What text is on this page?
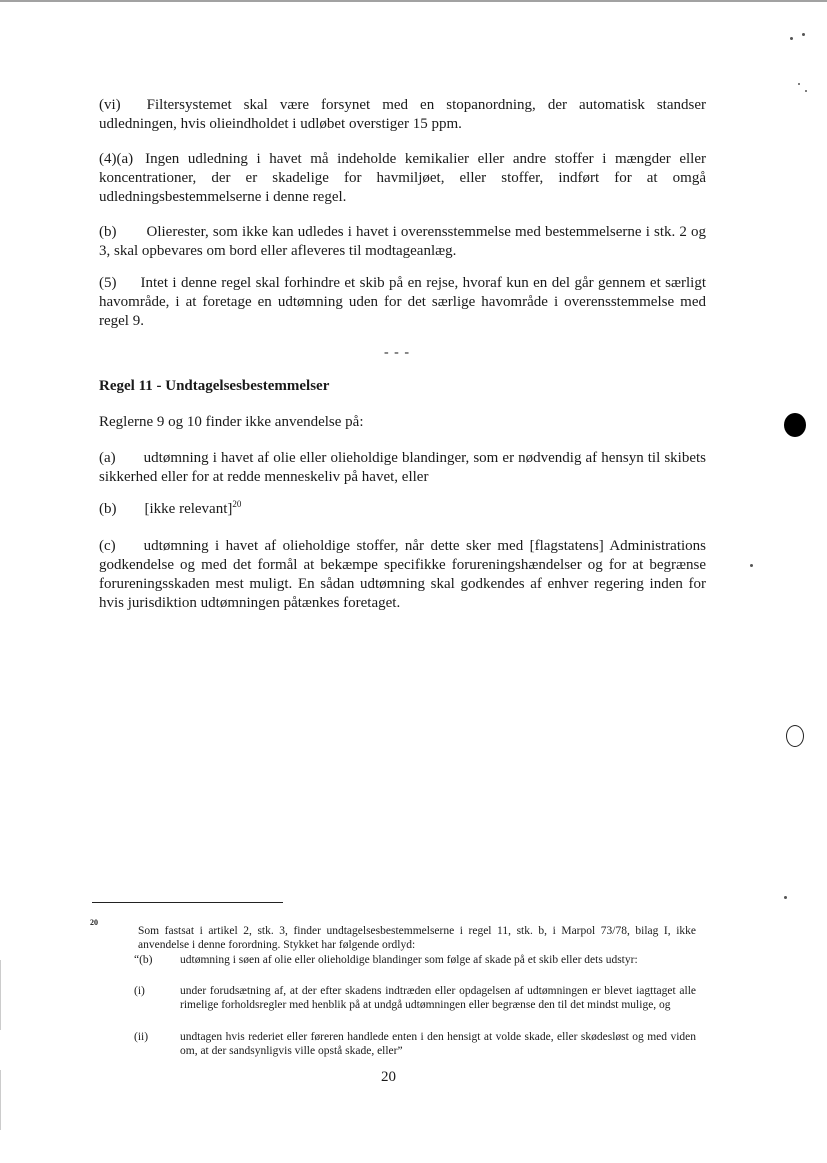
(vi) Filtersystemet skal være forsynet med en stopanordning, der automatisk standser udledningen, hvis olieindholdet i udløbet overstiger 15 ppm.

(4)(a) Ingen udledning i havet må indeholde kemikalier eller andre stoffer i mængder eller koncentrationer, der er skadelige for havmiljøet, eller stoffer, indført for at omgå udledningsbestemmelserne i denne regel.

(b) Olierester, som ikke kan udledes i havet i overensstemmelse med bestemmelserne i stk. 2 og 3, skal opbevares om bord eller afleveres til modtageanlæg.

(5) Intet i denne regel skal forhindre et skib på en rejse, hvoraf kun en del går gennem et særligt havområde, i at foretage en udtømning uden for det særlige havområde i overensstemmelse med regel 9.

- - -
Regel 11 - Undtagelsesbestemmelser

Reglerne 9 og 10 finder ikke anvendelse på:

(a) udtømning i havet af olie eller olieholdige blandinger, som er nødvendig af hensyn til skibets sikkerhed eller for at redde menneskeliv på havet, eller

(b) [ikke relevant]$^{20}$

(c) udtømning i havet af olieholdige stoffer, når dette sker med [flagstatens] Administrations godkendelse og med det formål at bekæmpe specifikke forureningshændelser og for at begrænse forureningsskaden mest muligt. En sådan udtømning skal godkendes af enhver regering inden for hvis jurisdiktion udtømningen påtænkes foretaget.

20

Som fastsat i artikel 2, stk. 3, finder undtagelsesbestemmelserne i regel 11, stk. b, i Marpol 73/78, bilag I, ikke anvendelse i denne forordning. Stykket har følgende ordlyd:

“(b)	udtømning i søen af olie eller olieholdige blandinger som følge af skade på et skib eller dets udstyr:
(i)	under forudsætning af, at der efter skadens indtræden eller opdagelsen af udtømningen er blevet iagttaget alle rimelige forholdsregler med henblik på at undgå udtømningen eller begrænse den til det mindst mulige, og
(ii)	undtagen hvis rederiet eller føreren handlede enten i den hensigt at volde skade, eller skødesløst og med viden om, at der sandsynligvis ville opstå skade, eller”
20
